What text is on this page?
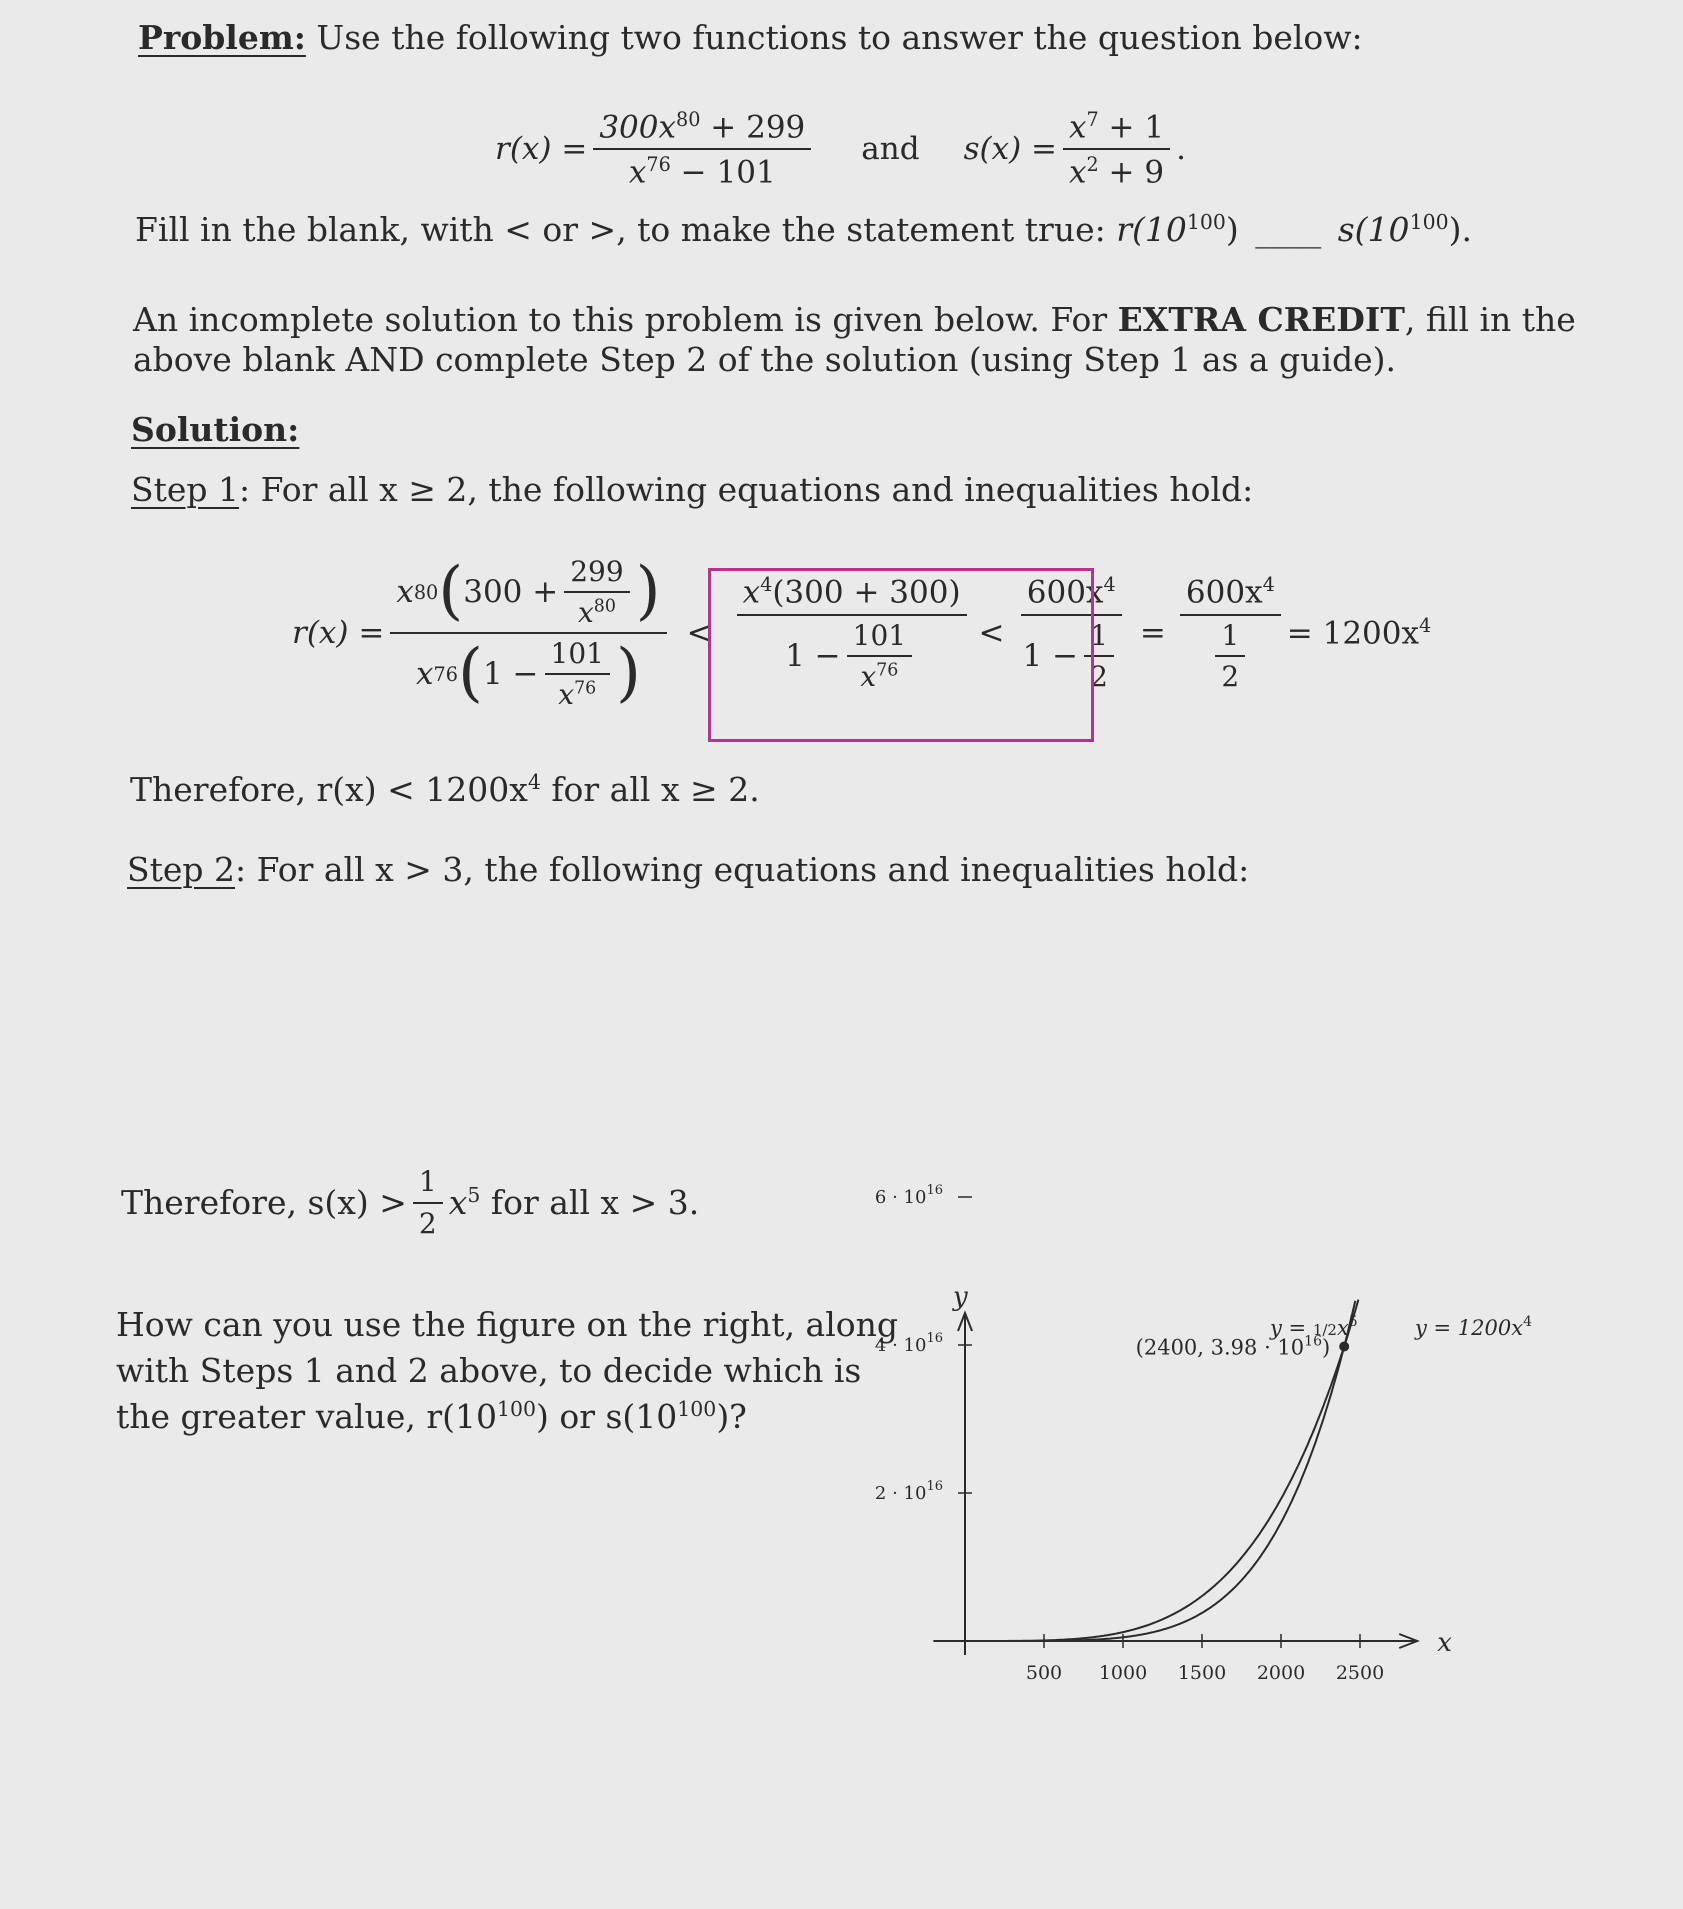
Problem: Use the following two functions to answer the question below:
$r(x) = \frac{300x^{80} + 299}{x^{76} - 101}$ and $s(x) = \frac{x^7 + 1}{x^2 + 9}$ .
Fill in the blank, with < or >, to make the statement true: $r(10^{100})$ ____ $s(10^{100})$.
An incomplete solution to this problem is given below. For EXTRA CREDIT, fill in the
above blank AND complete Step 2 of the solution (using Step 1 as a guide).
Solution:
Step 1: For all x ≥ 2, the following equations and inequalities hold:
r(x) =
x 80 ( $300 + \frac{299}{x^{80}}$ )
x 76 ( $1 - \frac{101}{x^{76}}$ )
< $\frac{x^4(300 + 300)}{1 - \frac{101}{x^{76}}} < \frac{600x^4}{1 - \frac{1}{2}} = \frac{600x^4}{\frac{1}{2}} = 1200x^4$
Therefore, $r(x) < 1200x^4$ for all x ≥ 2.
Step 2: For all x > 3, the following equations and inequalities hold:
Therefore, $s(x) > \frac{1}{2} x^5$ for all x > 3.
How can you use the figure on the right, along
with Steps 1 and 2 above, to decide which is
the greater value, $r(10^{100})$ or $s(10^{100})$?
500 1000 1500 2000 2500
$2 \cdot 10^{16}$
$4 \cdot 10^{16}$
$6 \cdot 10^{16}$
x
y
(2400, $3.98 \cdot 10^{16}$)
$y = 1200x^4$
$y = 1/2x^5$
